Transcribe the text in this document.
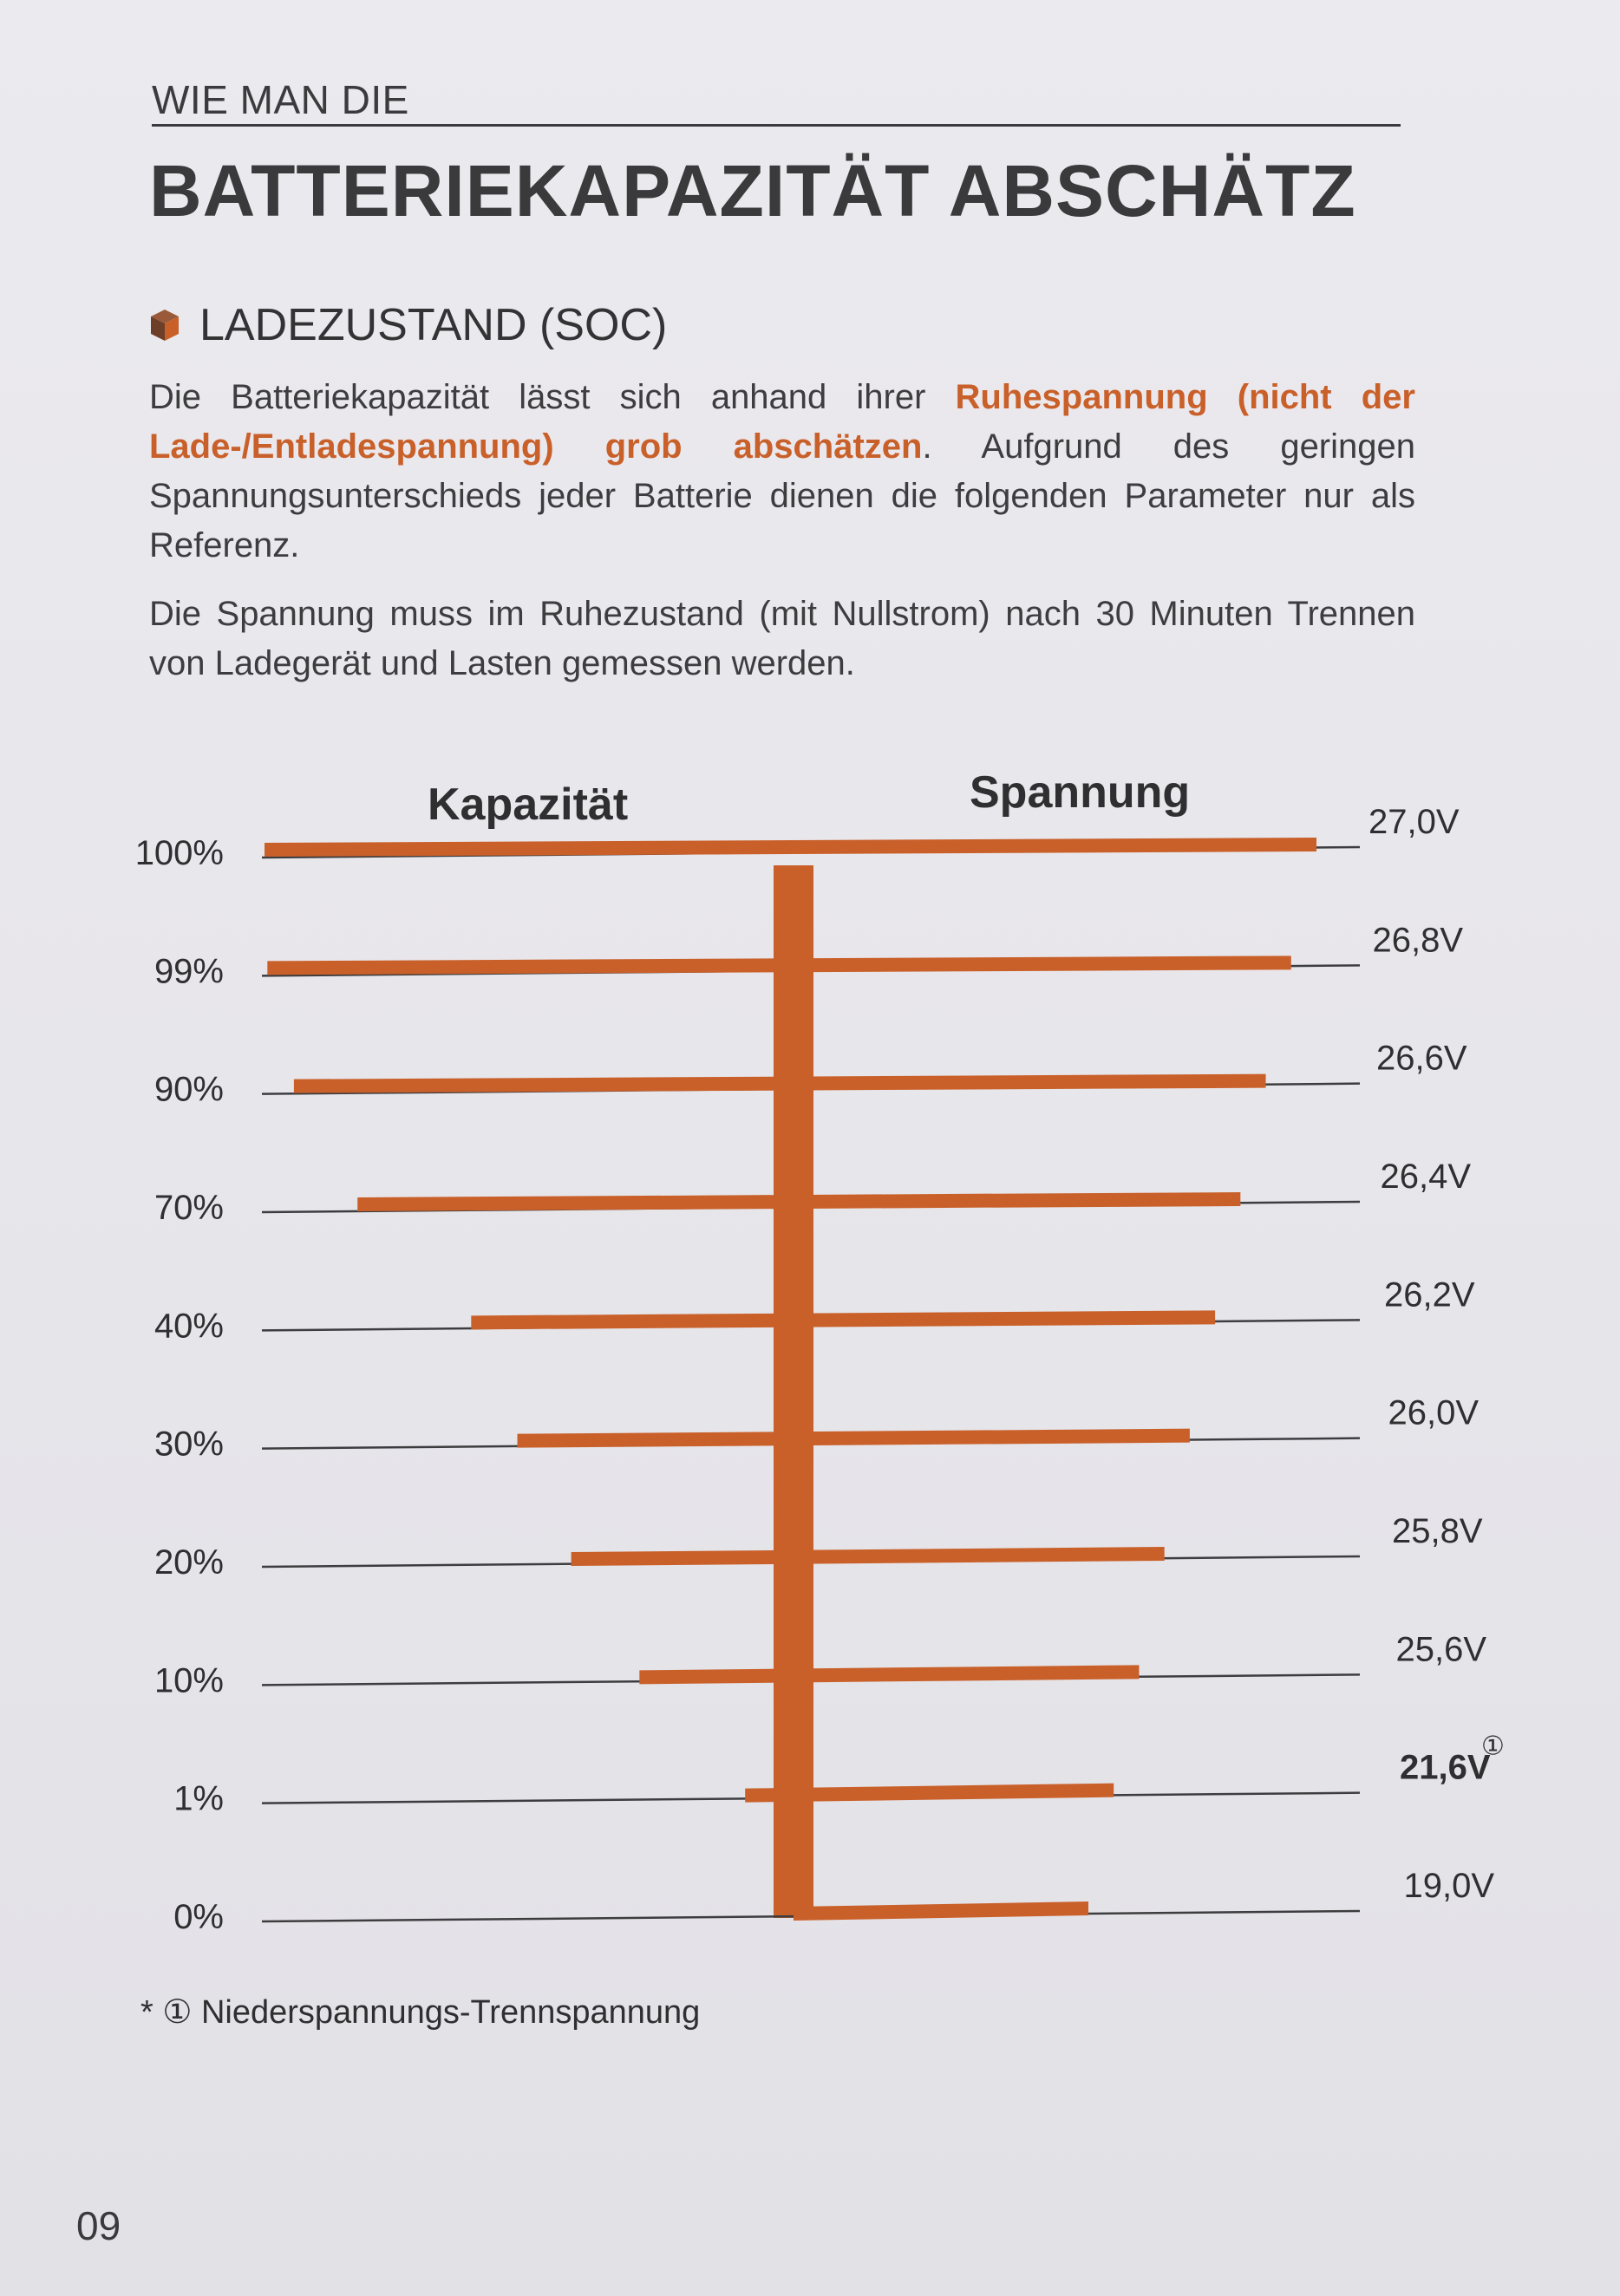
WIE MAN DIE
BATTERIEKAPAZITÄT ABSCHÄTZ
LADEZUSTAND (SOC)

Die Batteriekapazität lässt sich anhand ihrer Ruhespannung (nicht der Lade-/Entladespannung) grob abschätzen. Aufgrund des geringen Spannungsunterschieds jeder Batterie dienen die folgenden Parameter nur als Referenz.

Die Spannung muss im Ruhezustand (mit Nullstrom) nach 30 Minuten Trennen von Ladegerät und Lasten gemessen werden.

Kapazität	Spannung
100%
27,0V
99%
26,8V
90%
26,6V
70%
26,4V
40%
26,2V
30%
26,0V
20%
25,8V
10%
25,6V
1%
21,6V
①
0%
19,0V
* ① Niederspannungs-Trennspannung
09
